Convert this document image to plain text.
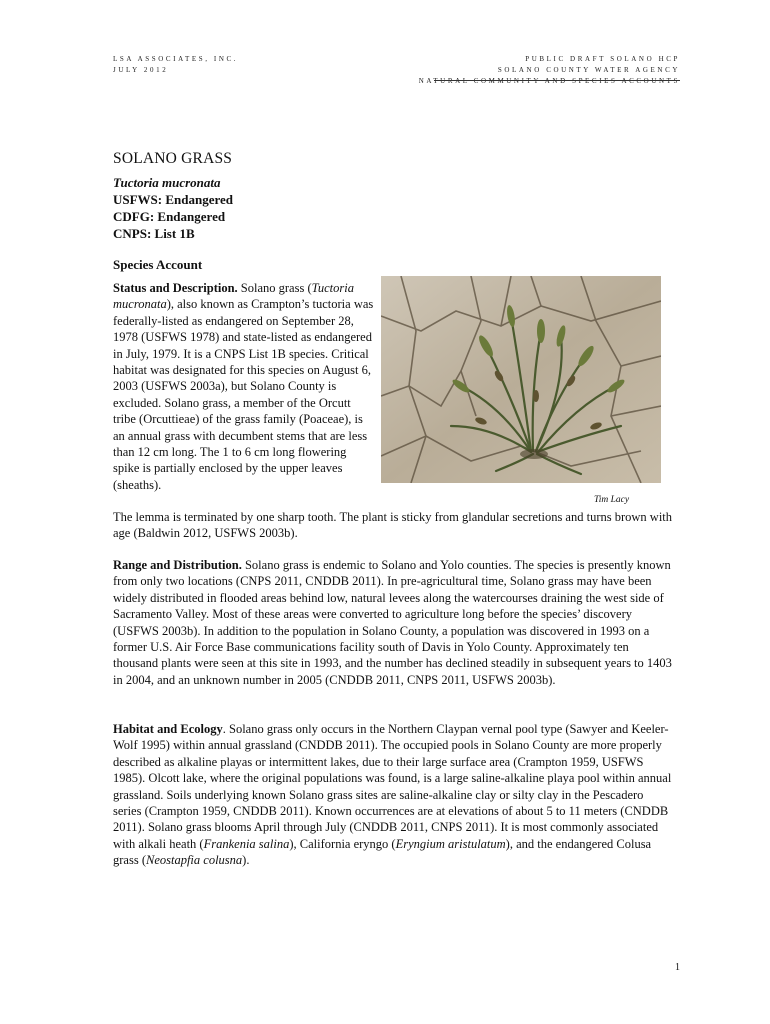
LSA ASSOCIATES, INC.
JULY 2012
PUBLIC DRAFT SOLANO HCP
SOLANO COUNTY WATER AGENCY
NATURAL COMMUNITY AND SPECIES ACCOUNTS
SOLANO GRASS
Tuctoria mucronata
USFWS: Endangered
CDFG: Endangered
CNPS: List 1B
Species Account
Tim Lacy

Status and Description. Solano grass (Tuctoria mucronata), also known as Crampton’s tuctoria was federally-listed as endangered on September 28, 1978 (USFWS 1978) and state-listed as endangered in July, 1979. It is a CNPS List 1B species. Critical habitat was designated for this species on August 6, 2003 (USFWS 2003a), but Solano County is excluded. Solano grass, a member of the Orcutt tribe (Orcuttieae) of the grass family (Poaceae), is an annual grass with decumbent stems that are less than 12 cm long. The 1 to 6 cm long flowering spike is partially enclosed by the upper leaves (sheaths).

The lemma is terminated by one sharp tooth. The plant is sticky from glandular secretions and turns brown with age (Baldwin 2012, USFWS 2003b).

Range and Distribution. Solano grass is endemic to Solano and Yolo counties. The species is presently known from only two locations (CNPS 2011, CNDDB 2011). In pre-agricultural time, Solano grass may have been widely distributed in flooded areas behind low, natural levees along the watercourses draining the west side of Sacramento Valley. Most of these areas were converted to agriculture long before the species’ discovery (USFWS 2003b). In addition to the population in Solano County, a population was discovered in 1993 on a former U.S. Air Force Base communications facility south of Davis in Yolo County. Approximately ten thousand plants were seen at this site in 1993, and the number has declined steadily in subsequent years to 1403 in 2004, and an unknown number in 2005 (CNDDB 2011, CNPS 2011, USFWS 2003b).

Habitat and Ecology. Solano grass only occurs in the Northern Claypan vernal pool type (Sawyer and Keeler-Wolf 1995) within annual grassland (CNDDB 2011). The occupied pools in Solano County are more properly described as alkaline playas or intermittent lakes, due to their large surface area (Crampton 1959, USFWS 1985). Olcott lake, where the original populations was found, is a large saline-alkaline playa pool within annual grassland. Soils underlying known Solano grass sites are saline-alkaline clay or silty clay in the Pescadero series (Crampton 1959, CNDDB 2011). Known occurrences are at elevations of about 5 to 11 meters (CNDDB 2011). Solano grass blooms April through July (CNDDB 2011, CNPS 2011). It is most commonly associated with alkali heath (Frankenia salina), California eryngo (Eryngium aristulatum), and the endangered Colusa grass (Neostapfia colusna).

1
